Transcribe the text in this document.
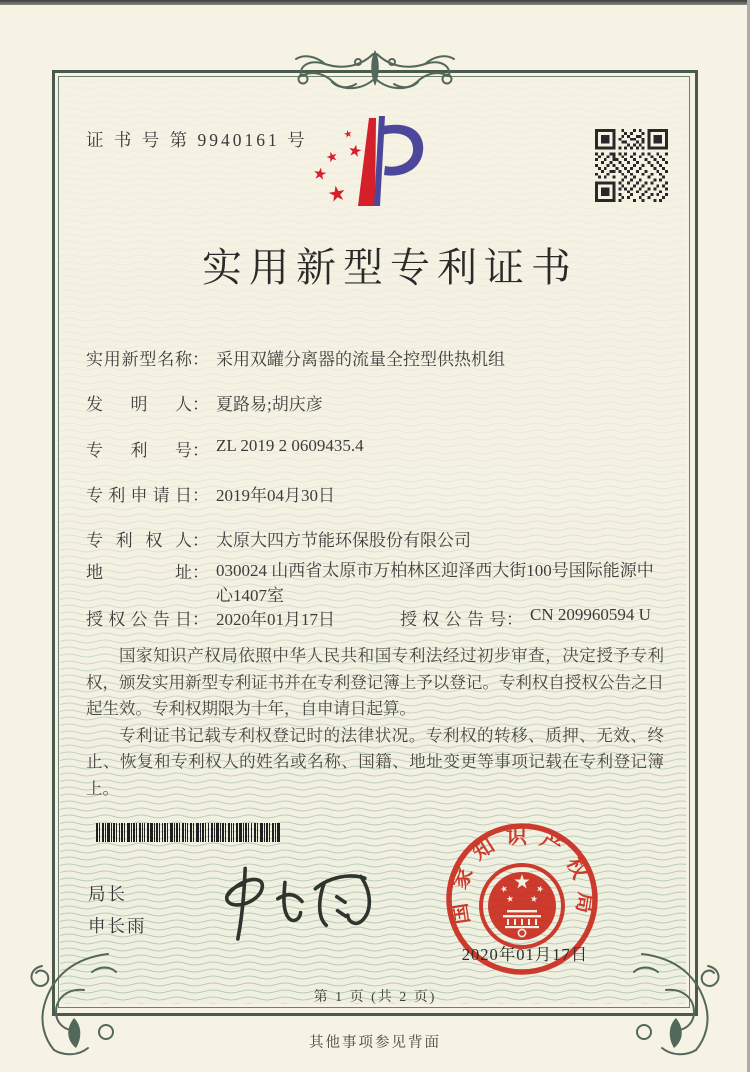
证 书 号 第 9940161 号
实用新型专利证书
实用新型名称： 采用双罐分离器的流量全控型供热机组
发明人： 夏路易;胡庆彦
专利号： ZL 2019 2 0609435.4
专利申请日： 2019年04月30日
专利权人： 太原大四方节能环保股份有限公司
地址： 030024 山西省太原市万柏林区迎泽西大街100号国际能源中心1407室
授权公告日： 2020年01月17日	授权公告号： CN 209960594 U

国家知识产权局依照中华人民共和国专利法经过初步审查，决定授予专利权，颁发实用新型专利证书并在专利登记簿上予以登记。专利权自授权公告之日起生效。专利权期限为十年，自申请日起算。

专利证书记载专利权登记时的法律状况。专利权的转移、质押、无效、终止、恢复和专利权人的姓名或名称、国籍、地址变更等事项记载在专利登记簿上。

局长
申长雨
国家知识产权局
2020年01月17日
第 1 页 (共 2 页)
其他事项参见背面
